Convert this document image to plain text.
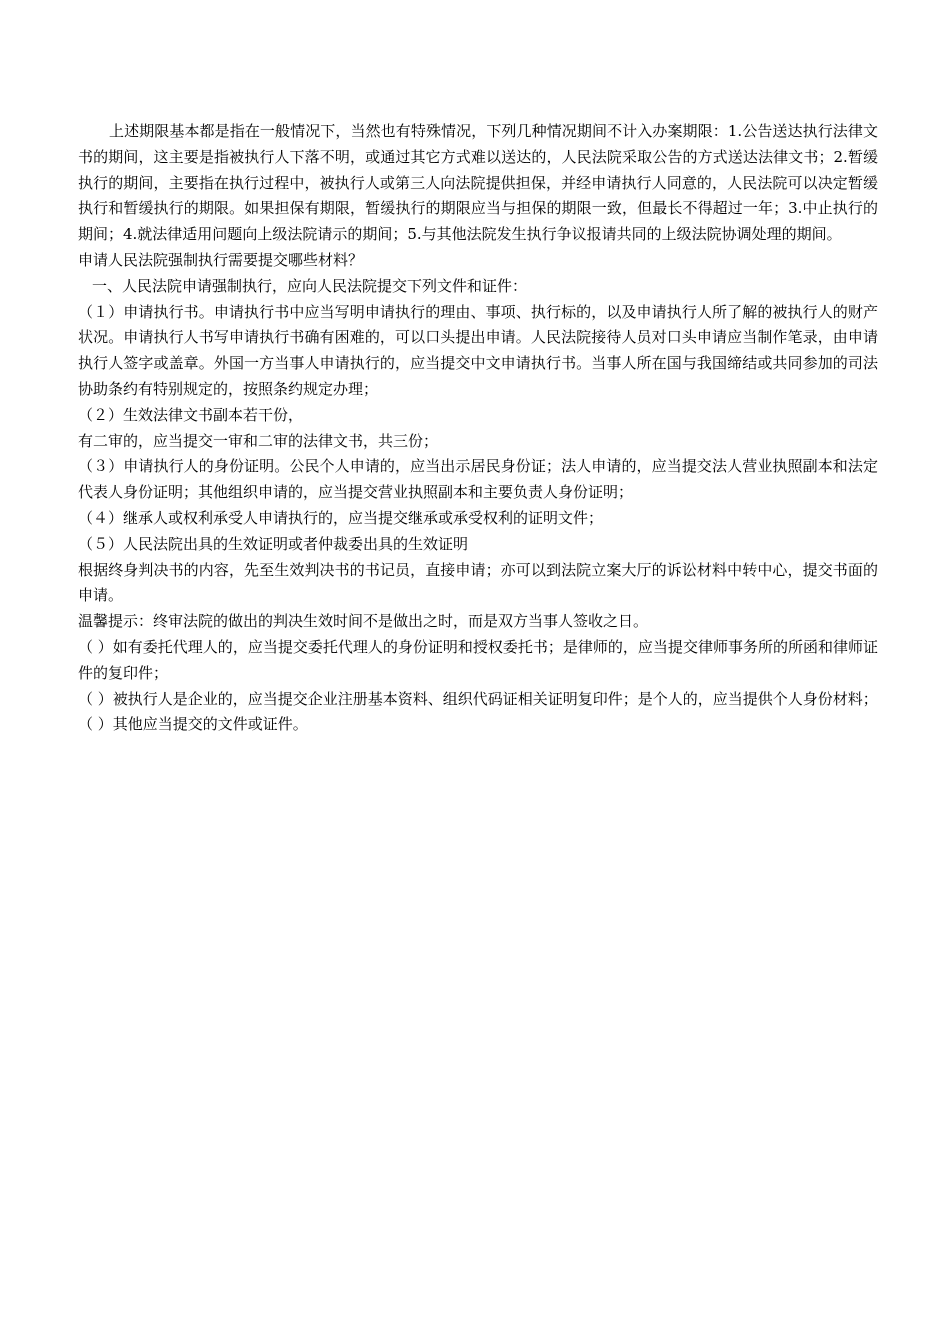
上述期限基本都是指在一般情况下，当然也有特殊情况，下列几种情况期间不计入办案期限：1.公告送达执行法律文书的期间，这主要是指被执行人下落不明，或通过其它方式难以送达的，人民法院采取公告的方式送达法律文书；2.暂缓执行的期间，主要指在执行过程中，被执行人或第三人向法院提供担保，并经申请执行人同意的，人民法院可以决定暂缓执行和暂缓执行的期限。如果担保有期限，暂缓执行的期限应当与担保的期限一致，但最长不得超过一年；3.中止执行的期间；4.就法律适用问题向上级法院请示的期间；5.与其他法院发生执行争议报请共同的上级法院协调处理的期间。

申请人民法院强制执行需要提交哪些材料？

一、人民法院申请强制执行，应向人民法院提交下列文件和证件：

（１）申请执行书。申请执行书中应当写明申请执行的理由、事项、执行标的，以及申请执行人所了解的被执行人的财产状况。申请执行人书写申请执行书确有困难的，可以口头提出申请。人民法院接待人员对口头申请应当制作笔录，由申请执行人签字或盖章。外国一方当事人申请执行的，应当提交中文申请执行书。当事人所在国与我国缔结或共同参加的司法协助条约有特别规定的，按照条约规定办理；

（２）生效法律文书副本若干份，

有二审的，应当提交一审和二审的法律文书，共三份；

（３）申请执行人的身份证明。公民个人申请的，应当出示居民身份证；法人申请的，应当提交法人营业执照副本和法定代表人身份证明；其他组织申请的，应当提交营业执照副本和主要负责人身份证明；

（４）继承人或权利承受人申请执行的，应当提交继承或承受权利的证明文件；

（５）人民法院出具的生效证明或者仲裁委出具的生效证明

根据终身判决书的内容，先至生效判决书的书记员，直接申请；亦可以到法院立案大厅的诉讼材料中转中心，提交书面的申请。

温馨提示：终审法院的做出的判决生效时间不是做出之时，而是双方当事人签收之日。

（ ）如有委托代理人的，应当提交委托代理人的身份证明和授权委托书；是律师的，应当提交律师事务所的所函和律师证件的复印件；

（ ）被执行人是企业的，应当提交企业注册基本资料、组织代码证相关证明复印件；是个人的，应当提供个人身份材料；

（ ）其他应当提交的文件或证件。
